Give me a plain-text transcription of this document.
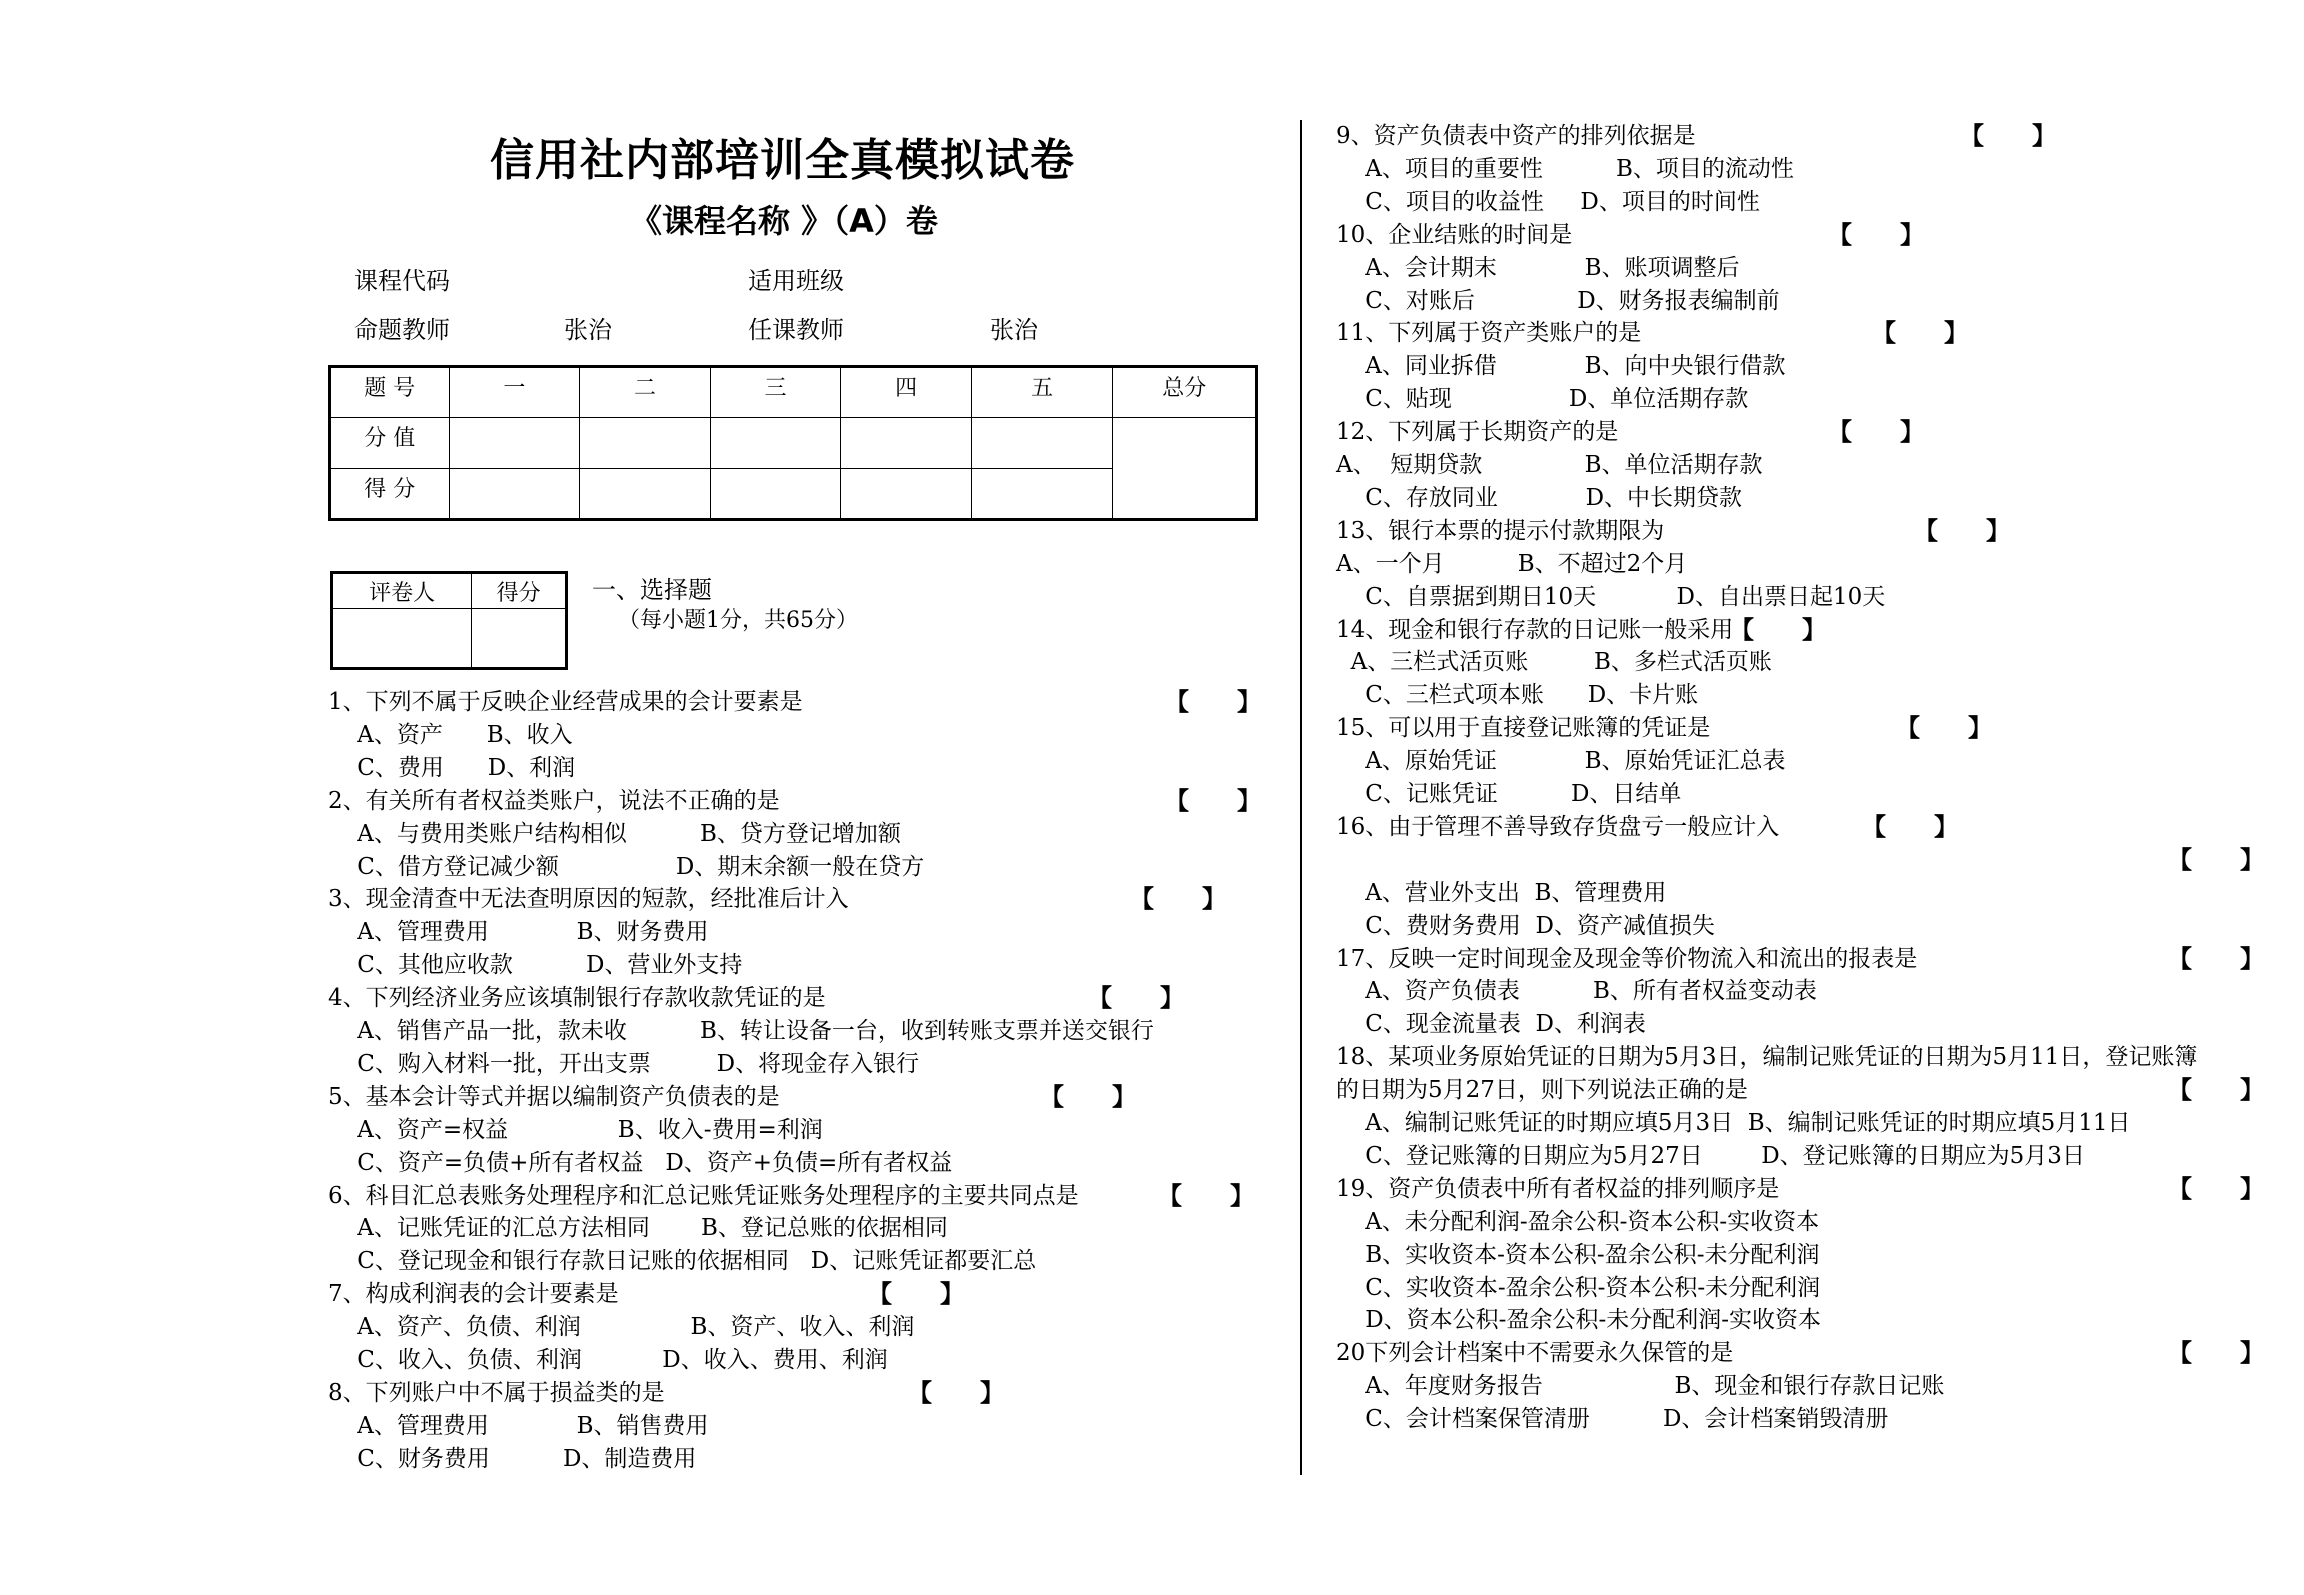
信用社内部培训全真模拟试卷
《课程名称 》（A）卷
课程代码	适用班级
命题教师	张治	任课教师	张治
题 号	一	二	三	四	五	总分
分 值						
得 分						
评卷人	得分
	一、选择题
（每小题1分，共65分）
1、下列不属于反映企业经营成果的会计要素是
A、资产      B、收入
C、费用      D、利润
2、有关所有者权益类账户，说法不正确的是
A、与费用类账户结构相似          B、贷方登记增加额
C、借方登记减少额                D、期末余额一般在贷方
3、现金清查中无法查明原因的短款，经批准后计入
A、管理费用            B、财务费用
C、其他应收款          D、营业外支持
4、下列经济业务应该填制银行存款收款凭证的是
A、销售产品一批，款未收          B、转让设备一台，收到转账支票并送交银行
C、购入材料一批，开出支票         D、将现金存入银行
5、基本会计等式并据以编制资产负债表的是
A、资产=权益               B、收入-费用=利润
C、资产=负债+所有者权益   D、资产+负债=所有者权益
6、科目汇总表账务处理程序和汇总记账凭证账务处理程序的主要共同点是
A、记账凭证的汇总方法相同       B、登记总账的依据相同
C、登记现金和银行存款日记账的依据相同   D、记账凭证都要汇总
7、构成利润表的会计要素是
A、资产、负债、利润               B、资产、收入、利润
C、收入、负债、利润           D、收入、费用、利润
8、下列账户中不属于损益类的是
A、管理费用            B、销售费用
C、财务费用          D、制造费用
【　　】
【　　】
【　　】
【　　】
【　　】
【　　】
【　　】
【　　】
9、资产负债表中资产的排列依据是
A、项目的重要性          B、项目的流动性
C、项目的收益性     D、项目的时间性
10、企业结账的时间是
A、会计期末            B、账项调整后
C、对账后              D、财务报表编制前
11、下列属于资产类账户的是
A、同业拆借            B、向中央银行借款
C、贴现                D、单位活期存款
12、下列属于长期资产的是
A、  短期贷款              B、单位活期存款
C、存放同业            D、中长期贷款
13、银行本票的提示付款期限为
A、一个月          B、不超过2个月
C、自票据到期日10天           D、自出票日起10天
14、现金和银行存款的日记账一般采用
A、三栏式活页账         B、多栏式活页账
C、三栏式项本账      D、卡片账
15、可以用于直接登记账簿的凭证是
A、原始凭证            B、原始凭证汇总表
C、记账凭证          D、日结单
16、由于管理不善导致存货盘亏一般应计入
A、营业外支出  B、管理费用
C、费财务费用  D、资产减值损失
17、反映一定时间现金及现金等价物流入和流出的报表是
A、资产负债表          B、所有者权益变动表
C、现金流量表  D、利润表
18、某项业务原始凭证的日期为5月3日，编制记账凭证的日期为5月11日，登记账簿
的日期为5月27日，则下列说法正确的是
A、编制记账凭证的时期应填5月3日  B、编制记账凭证的时期应填5月11日
C、登记账簿的日期应为5月27日        D、登记账簿的日期应为5月3日
19、资产负债表中所有者权益的排列顺序是
A、未分配利润-盈余公积-资本公积-实收资本
B、实收资本-资本公积-盈余公积-未分配利润
C、实收资本-盈余公积-资本公积-未分配利润
D、资本公积-盈余公积-未分配利润-实收资本
20下列会计档案中不需要永久保管的是
A、年度财务报告                  B、现金和银行存款日记账
C、会计档案保管清册          D、会计档案销毁清册
【　　】
【　　】
【　　】
【　　】
【　　】
【　　】
【　　】
【　　】
【　　】
【　　】
【　　】
【　　】
【　　】
